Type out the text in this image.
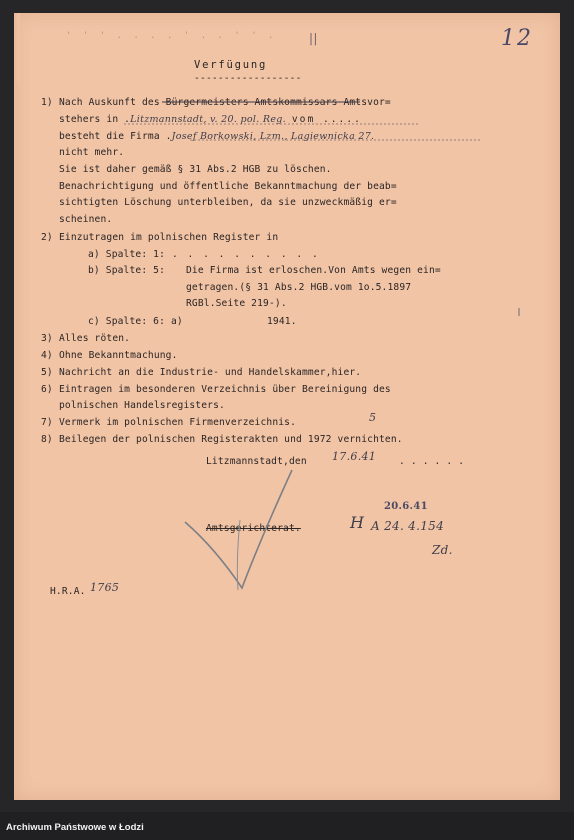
' ' ' . . . . ' . . ' ' .	||	12
Verfügung
------------------
1) Nach Auskunft des Bürgermeisters-Amtskommissars-Amtsvor=
stehers in .Litzmannstadt, v. 20. pol. Reg. vom .....
besteht die Firma .Josef Borkowski, Lzm., Lagiewnicka 27.
nicht mehr.
Sie ist daher gemäß § 31 Abs.2 HGB zu löschen.
Benachrichtigung und öffentliche Bekanntmachung der beab=
sichtigten Löschung unterbleiben, da sie unzweckmäßig er=
scheinen.
2) Einzutragen im polnischen Register in
a) Spalte: 1: . . . . . . . . . .
b) Spalte: 5: Die Firma ist erloschen.Von Amts wegen ein=
getragen.(§ 31 Abs.2 HGB.vom 1o.5.1897
RGBl.Seite 219-).
c) Spalte: 6: a)	1941.
3) Alles röten.
4) Ohne Bekanntmachung.
5) Nachricht an die Industrie- und Handelskammer,hier.
6) Eintragen im besonderen Verzeichnis über Bereinigung des
polnischen Handelsregisters.
7) Vermerk im polnischen Firmenverzeichnis.	5
8) Beilegen der polnischen Registerakten und 1972 vernichten.
Litzmannstadt,den 17.6.41 . . . . . .
20.6.41
Amtsgerichterat.	H A 24. 4.154
Zd.
H.R.A. 1765
Archiwum Państwowe w Łodzi
